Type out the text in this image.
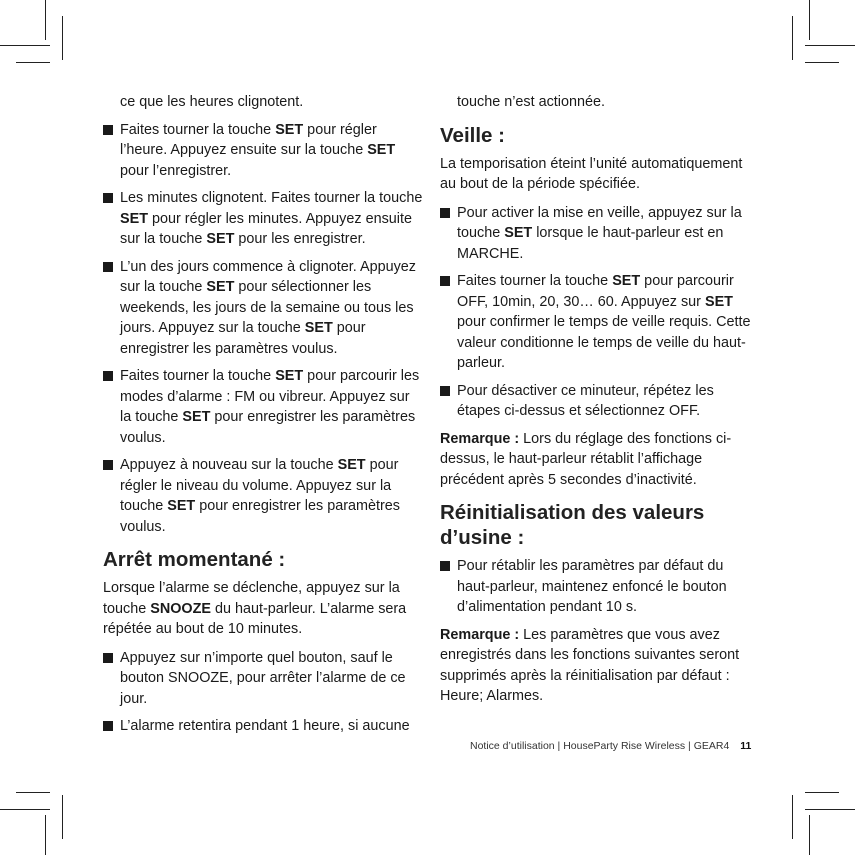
ce que les heures clignotent.
Faites tourner la touche SET pour régler l’heure. Appuyez ensuite sur la touche SET pour l’enregistrer.
Les minutes clignotent. Faites tourner la touche SET pour régler les minutes. Appuyez ensuite sur la touche SET pour les enregistrer.
L’un des jours commence à clignoter. Appuyez sur la touche SET pour sélectionner les weekends, les jours de la semaine ou tous les jours. Appuyez sur la touche SET pour enregistrer les paramètres voulus.
Faites tourner la touche SET pour parcourir les modes d’alarme : FM ou vibreur. Appuyez sur la touche SET pour enregistrer les paramètres voulus.
Appuyez à nouveau sur la touche SET pour régler le niveau du volume. Appuyez sur la touche SET pour enregistrer les paramètres voulus.
Arrêt momentané :

Lorsque l’alarme se déclenche, appuyez sur la touche SNOOZE du haut-parleur. L’alarme sera répétée au bout de 10 minutes.

Appuyez sur n’importe quel bouton, sauf le bouton SNOOZE, pour arrêter l’alarme de ce jour.
L’alarme retentira pendant 1 heure, si aucune
touche n’est actionnée.
Veille :

La temporisation éteint l’unité automatiquement au bout de la période spécifiée.

Pour activer la mise en veille, appuyez sur la touche SET lorsque le haut-parleur est en MARCHE.
Faites tourner la touche SET pour parcourir OFF, 10min, 20, 30… 60. Appuyez sur SET pour confirmer le temps de veille requis. Cette valeur conditionne le temps de veille du haut-parleur.
Pour désactiver ce minuteur, répétez les étapes ci-dessus et sélectionnez OFF.

Remarque : Lors du réglage des fonctions ci-dessus, le haut-parleur rétablit l’affichage précédent après 5 secondes d’inactivité.

Réinitialisation des valeurs d’usine :
Pour rétablir les paramètres par défaut du haut-parleur, maintenez enfoncé le bouton d’alimentation pendant 10 s.

Remarque : Les paramètres que vous avez enregistrés dans les fonctions suivantes seront supprimés après la réinitialisation par défaut : Heure; Alarmes.

Notice d’utilisation | HouseParty Rise Wireless | GEAR4 11
